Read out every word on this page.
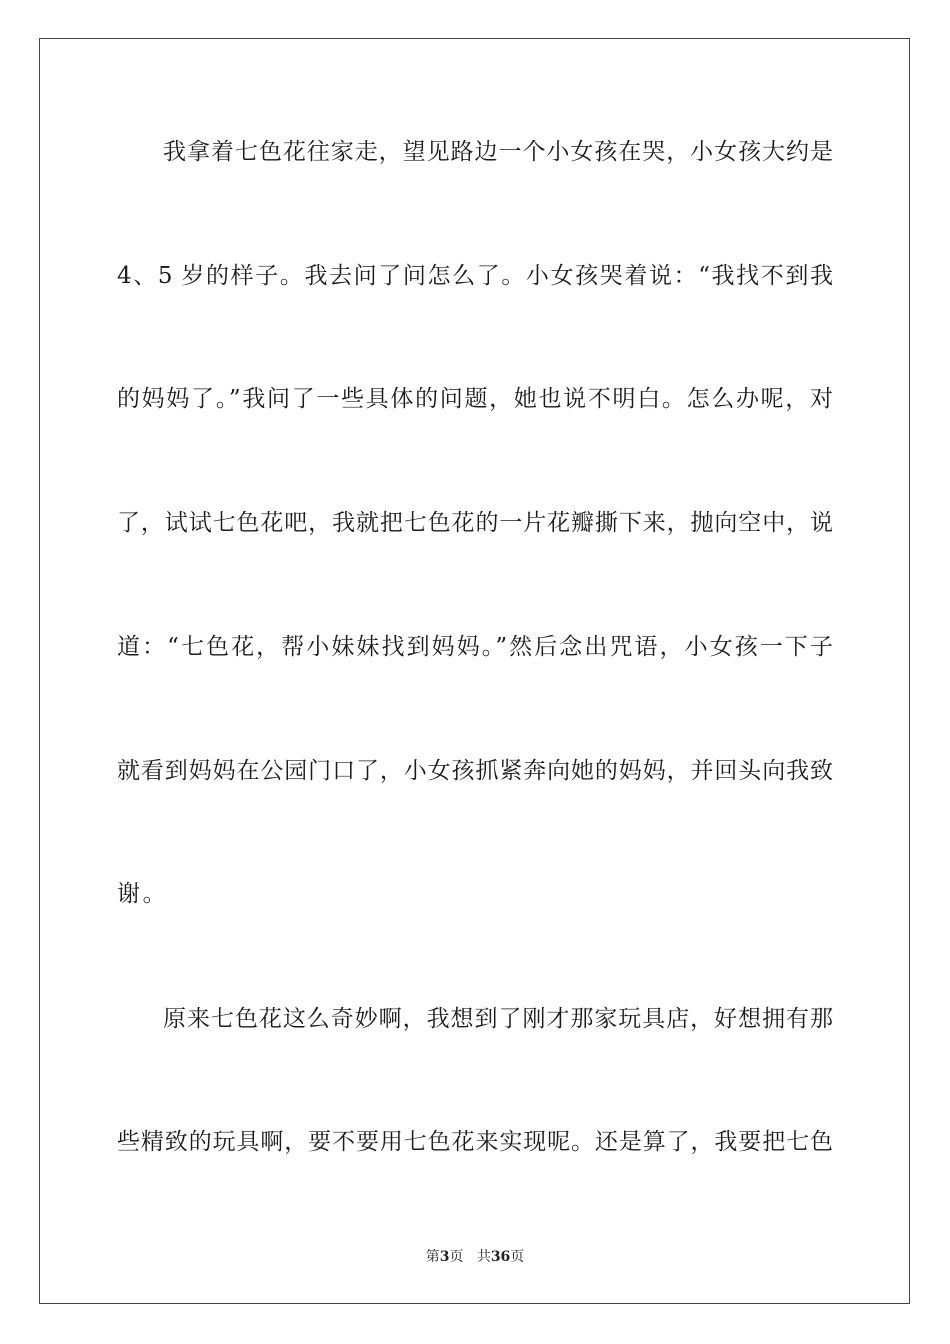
我拿着七色花往家走，望见路边一个小女孩在哭，小女孩大约是
4、5 岁的样子。我去问了问怎么了。小女孩哭着说：“我找不到我
的妈妈了。”我问了一些具体的问题，她也说不明白。怎么办呢，对
了，试试七色花吧，我就把七色花的一片花瓣撕下来，抛向空中，说
道：“七色花，帮小妹妹找到妈妈。”然后念出咒语，小女孩一下子
就看到妈妈在公园门口了，小女孩抓紧奔向她的妈妈，并回头向我致
谢。
原来七色花这么奇妙啊，我想到了刚才那家玩具店，好想拥有那
些精致的玩具啊，要不要用七色花来实现呢。还是算了，我要把七色
第3页 共36页
